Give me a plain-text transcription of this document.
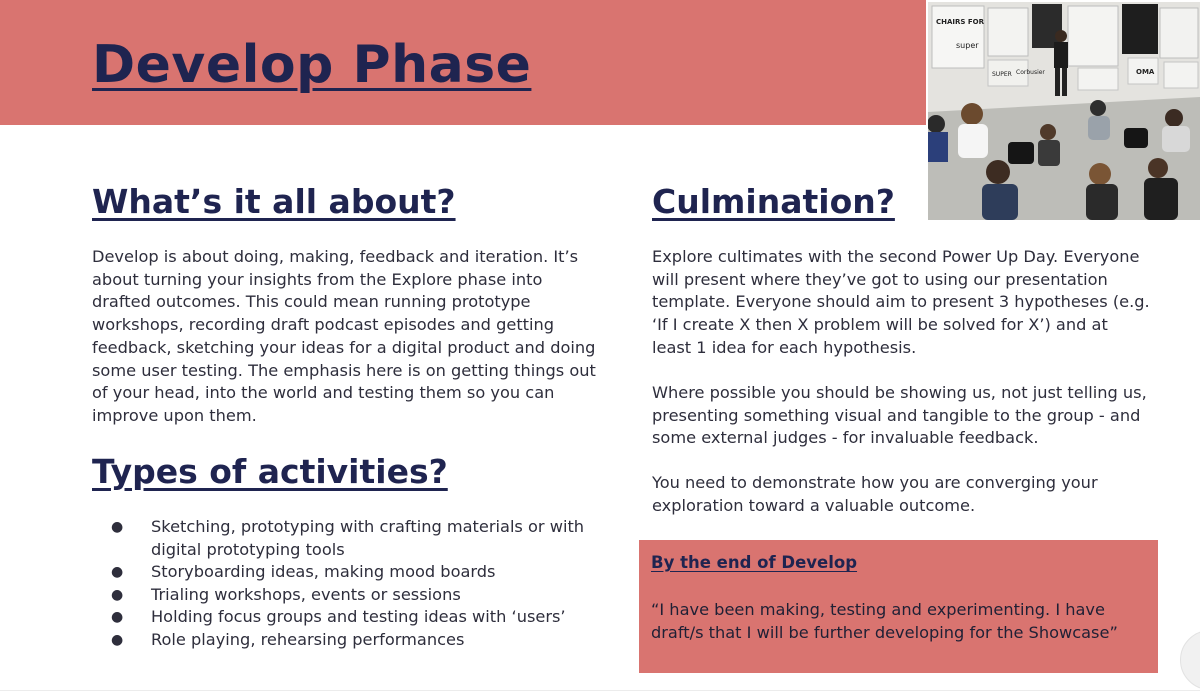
Develop Phase
CHAIRS FOR
super
SUPER Corbusier	OMA
What’s it all about?

Develop is about doing, making, feedback and iteration. It’s about turning your insights from the Explore phase into drafted outcomes. This could mean running prototype workshops, recording draft podcast episodes and getting feedback, sketching your ideas for a digital product and doing some user testing. The emphasis here is on getting things out of your head, into the world and testing them so you can improve upon them.

Types of activities?
● Sketching, prototyping with crafting materials or with digital prototyping tools
● Storyboarding ideas, making mood boards
● Trialing workshops, events or sessions
● Holding focus groups and testing ideas with ‘users’
● Role playing, rehearsing performances
Culmination?

Explore cultimates with the second Power Up Day. Everyone will present where they’ve got to using our presentation template. Everyone should aim to present 3 hypotheses (e.g. ‘If I create X then X problem will be solved for X’) and at least 1 idea for each hypothesis.

Where possible you should be showing us, not just telling us, presenting something visual and tangible to the group - and some external judges - for invaluable feedback.

You need to demonstrate how you are converging your exploration toward a valuable outcome.

By the end of Develop
“I have been making, testing and experimenting. I have draft/s that I will be further developing for the Showcase”
